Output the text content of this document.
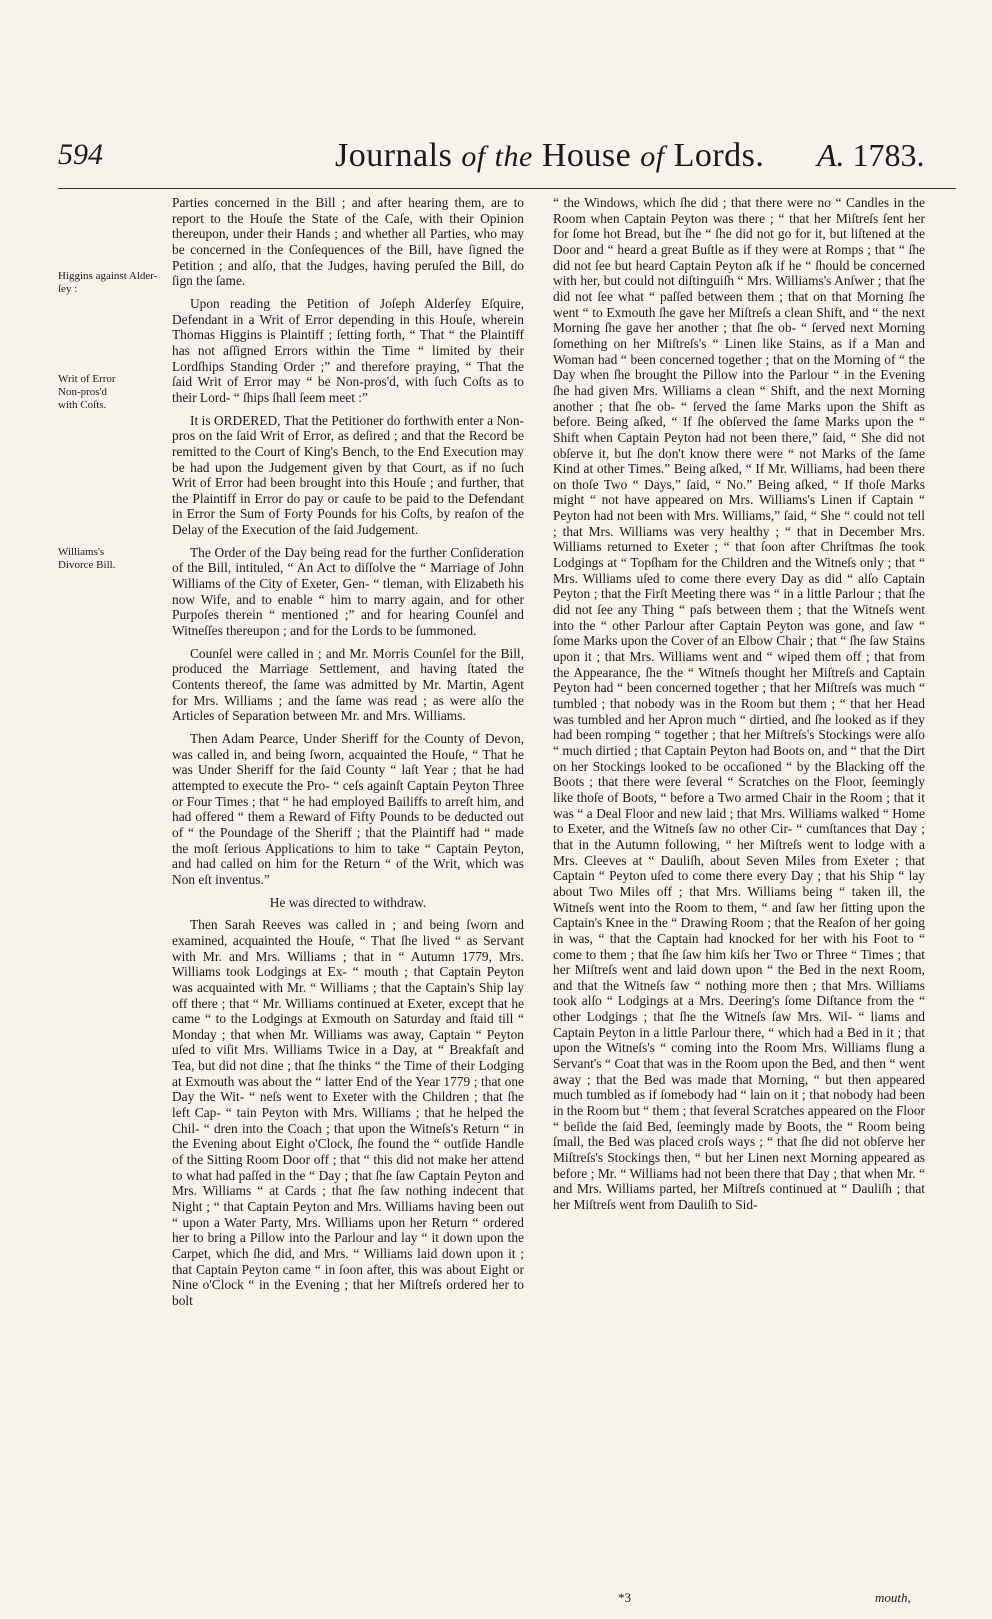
594	Journals of the House of Lords. A. 1783.
Higgins against Alder-
ſey :
Writ of Error
Non-pros'd
with Coſts.
Williams's
Divorce Bill.

Parties concerned in the Bill ; and after hearing them, are to report to the Houſe the State of the Caſe, with their Opinion thereupon, under their Hands ; and whether all Parties, who may be concerned in the Conſequences of the Bill, have ſigned the Petition ; and alſo, that the Judges, having peruſed the Bill, do ſign the ſame.

Upon reading the Petition of Joſeph Alderſey Eſquire, Defendant in a Writ of Error depending in this Houſe, wherein Thomas Higgins is Plaintiff ; ſetting forth, “ That “ the Plaintiff has not aſſigned Errors within the Time “ limited by their Lordſhips Standing Order ;” and therefore praying, “ That the ſaid Writ of Error may “ be Non-pros'd, with ſuch Coſts as to their Lord- “ ſhips ſhall ſeem meet :”

It is ORDERED, That the Petitioner do forthwith enter a Non-pros on the ſaid Writ of Error, as deſired ; and that the Record be remitted to the Court of King's Bench, to the End Execution may be had upon the Judgement given by that Court, as if no ſuch Writ of Error had been brought into this Houſe ; and further, that the Plaintiff in Error do pay or cauſe to be paid to the Defendant in Error the Sum of Forty Pounds for his Coſts, by reaſon of the Delay of the Execution of the ſaid Judgement.

The Order of the Day being read for the further Conſideration of the Bill, intituled, “ An Act to diſſolve the “ Marriage of John Williams of the City of Exeter, Gen- “ tleman, with Elizabeth his now Wife, and to enable “ him to marry again, and for other Purpoſes therein “ mentioned ;” and for hearing Counſel and Witneſſes thereupon ; and for the Lords to be ſummoned.

Counſel were called in ; and Mr. Morris Counſel for the Bill, produced the Marriage Settlement, and having ſtated the Contents thereof, the ſame was admitted by Mr. Martin, Agent for Mrs. Williams ; and the ſame was read ; as were alſo the Articles of Separation between Mr. and Mrs. Williams.

Then Adam Pearce, Under Sheriff for the County of Devon, was called in, and being ſworn, acquainted the Houſe, “ That he was Under Sheriff for the ſaid County “ laſt Year ; that he had attempted to execute the Pro- “ ceſs againſt Captain Peyton Three or Four Times ; that “ he had employed Bailiffs to arreſt him, and had offered “ them a Reward of Fifty Pounds to be deducted out of “ the Poundage of the Sheriff ; that the Plaintiff had “ made the moſt ſerious Applications to him to take “ Captain Peyton, and had called on him for the Return “ of the Writ, which was Non eſt inventus.”

He was directed to withdraw.

Then Sarah Reeves was called in ; and being ſworn and examined, acquainted the Houſe, “ That ſhe lived “ as Servant with Mr. and Mrs. Williams ; that in “ Autumn 1779, Mrs. Williams took Lodgings at Ex- “ mouth ; that Captain Peyton was acquainted with Mr. “ Williams ; that the Captain's Ship lay off there ; that “ Mr. Williams continued at Exeter, except that he came “ to the Lodgings at Exmouth on Saturday and ſtaid till “ Monday ; that when Mr. Williams was away, Captain “ Peyton uſed to viſit Mrs. Williams Twice in a Day, at “ Breakfaſt and Tea, but did not dine ; that ſhe thinks “ the Time of their Lodging at Exmouth was about the “ latter End of the Year 1779 ; that one Day the Wit- “ neſs went to Exeter with the Children ; that ſhe left Cap- “ tain Peyton with Mrs. Williams ; that he helped the Chil- “ dren into the Coach ; that upon the Witneſs's Return “ in the Evening about Eight o'Clock, ſhe found the “ outſide Handle of the Sitting Room Door off ; that “ this did not make her attend to what had paſſed in the “ Day ; that ſhe ſaw Captain Peyton and Mrs. Williams “ at Cards ; that ſhe ſaw nothing indecent that Night ; “ that Captain Peyton and Mrs. Williams having been out “ upon a Water Party, Mrs. Williams upon her Return “ ordered her to bring a Pillow into the Parlour and lay “ it down upon the Carpet, which ſhe did, and Mrs. “ Williams laid down upon it ; that Captain Peyton came “ in ſoon after, this was about Eight or Nine o'Clock “ in the Evening ; that her Miſtreſs ordered her to bolt

“ the Windows, which ſhe did ; that there were no “ Candles in the Room when Captain Peyton was there ; “ that her Miſtreſs ſent her for ſome hot Bread, but ſhe “ ſhe did not go for it, but liſtened at the Door and “ heard a great Buſtle as if they were at Romps ; that “ ſhe did not ſee but heard Captain Peyton aſk if he “ ſhould be concerned with her, but could not diſtinguiſh “ Mrs. Williams's Anſwer ; that ſhe did not ſee what “ paſſed between them ; that on that Morning ſhe went “ to Exmouth ſhe gave her Miſtreſs a clean Shift, and “ the next Morning ſhe gave her another ; that ſhe ob- “ ſerved next Morning ſomething on her Miſtreſs's “ Linen like Stains, as if a Man and Woman had “ been concerned together ; that on the Morning of “ the Day when ſhe brought the Pillow into the Parlour “ in the Evening ſhe had given Mrs. Williams a clean “ Shift, and the next Morning another ; that ſhe ob- “ ſerved the ſame Marks upon the Shift as before. Being aſked, “ If ſhe obſerved the ſame Marks upon the “ Shift when Captain Peyton had not been there,” ſaid, “ She did not obſerve it, but ſhe don't know there were “ not Marks of the ſame Kind at other Times.” Being aſked, “ If Mr. Williams, had been there on thoſe Two “ Days,” ſaid, “ No.” Being aſked, “ If thoſe Marks might “ not have appeared on Mrs. Williams's Linen if Captain “ Peyton had not been with Mrs. Williams,” ſaid, “ She “ could not tell ; that Mrs. Williams was very healthy ; “ that in December Mrs. Williams returned to Exeter ; “ that ſoon after Chriſtmas ſhe took Lodgings at “ Topſham for the Children and the Witneſs only ; that “ Mrs. Williams uſed to come there every Day as did “ alſo Captain Peyton ; that the Firſt Meeting there was “ in a little Parlour ; that ſhe did not ſee any Thing “ paſs between them ; that the Witneſs went into the “ other Parlour after Captain Peyton was gone, and ſaw “ ſome Marks upon the Cover of an Elbow Chair ; that “ ſhe ſaw Stains upon it ; that Mrs. Williams went and “ wiped them off ; that from the Appearance, ſhe the “ Witneſs thought her Miſtreſs and Captain Peyton had “ been concerned together ; that her Miſtreſs was much “ tumbled ; that nobody was in the Room but them ; “ that her Head was tumbled and her Apron much “ dirtied, and ſhe looked as if they had been romping “ together ; that her Miſtreſs's Stockings were alſo “ much dirtied ; that Captain Peyton had Boots on, and “ that the Dirt on her Stockings looked to be occaſioned “ by the Blacking off the Boots ; that there were ſeveral “ Scratches on the Floor, ſeemingly like thoſe of Boots, “ before a Two armed Chair in the Room ; that it was “ a Deal Floor and new laid ; that Mrs. Williams walked “ Home to Exeter, and the Witneſs ſaw no other Cir- “ cumſtances that Day ; that in the Autumn following, “ her Miſtreſs went to lodge with a Mrs. Cleeves at “ Dauliſh, about Seven Miles from Exeter ; that Captain “ Peyton uſed to come there every Day ; that his Ship “ lay about Two Miles off ; that Mrs. Williams being “ taken ill, the Witneſs went into the Room to them, “ and ſaw her ſitting upon the Captain's Knee in the “ Drawing Room ; that the Reaſon of her going in was, “ that the Captain had knocked for her with his Foot to “ come to them ; that ſhe ſaw him kiſs her Two or Three “ Times ; that her Miſtreſs went and laid down upon “ the Bed in the next Room, and that the Witneſs ſaw “ nothing more then ; that Mrs. Williams took alſo “ Lodgings at a Mrs. Deering's ſome Diſtance from the “ other Lodgings ; that ſhe the Witneſs ſaw Mrs. Wil- “ liams and Captain Peyton in a little Parlour there, “ which had a Bed in it ; that upon the Witneſs's “ coming into the Room Mrs. Williams flung a Servant's “ Coat that was in the Room upon the Bed, and then “ went away ; that the Bed was made that Morning, “ but then appeared much tumbled as if ſomebody had “ lain on it ; that nobody had been in the Room but “ them ; that ſeveral Scratches appeared on the Floor “ beſide the ſaid Bed, ſeemingly made by Boots, the “ Room being ſmall, the Bed was placed croſs ways ; “ that ſhe did not obſerve her Miſtreſs's Stockings then, “ but her Linen next Morning appeared as before ; Mr. “ Williams had not been there that Day ; that when Mr. “ and Mrs. Williams parted, her Miſtreſs continued at “ Dauliſh ; that her Miſtreſs went from Dauliſh to Sid-

*3	mouth,
